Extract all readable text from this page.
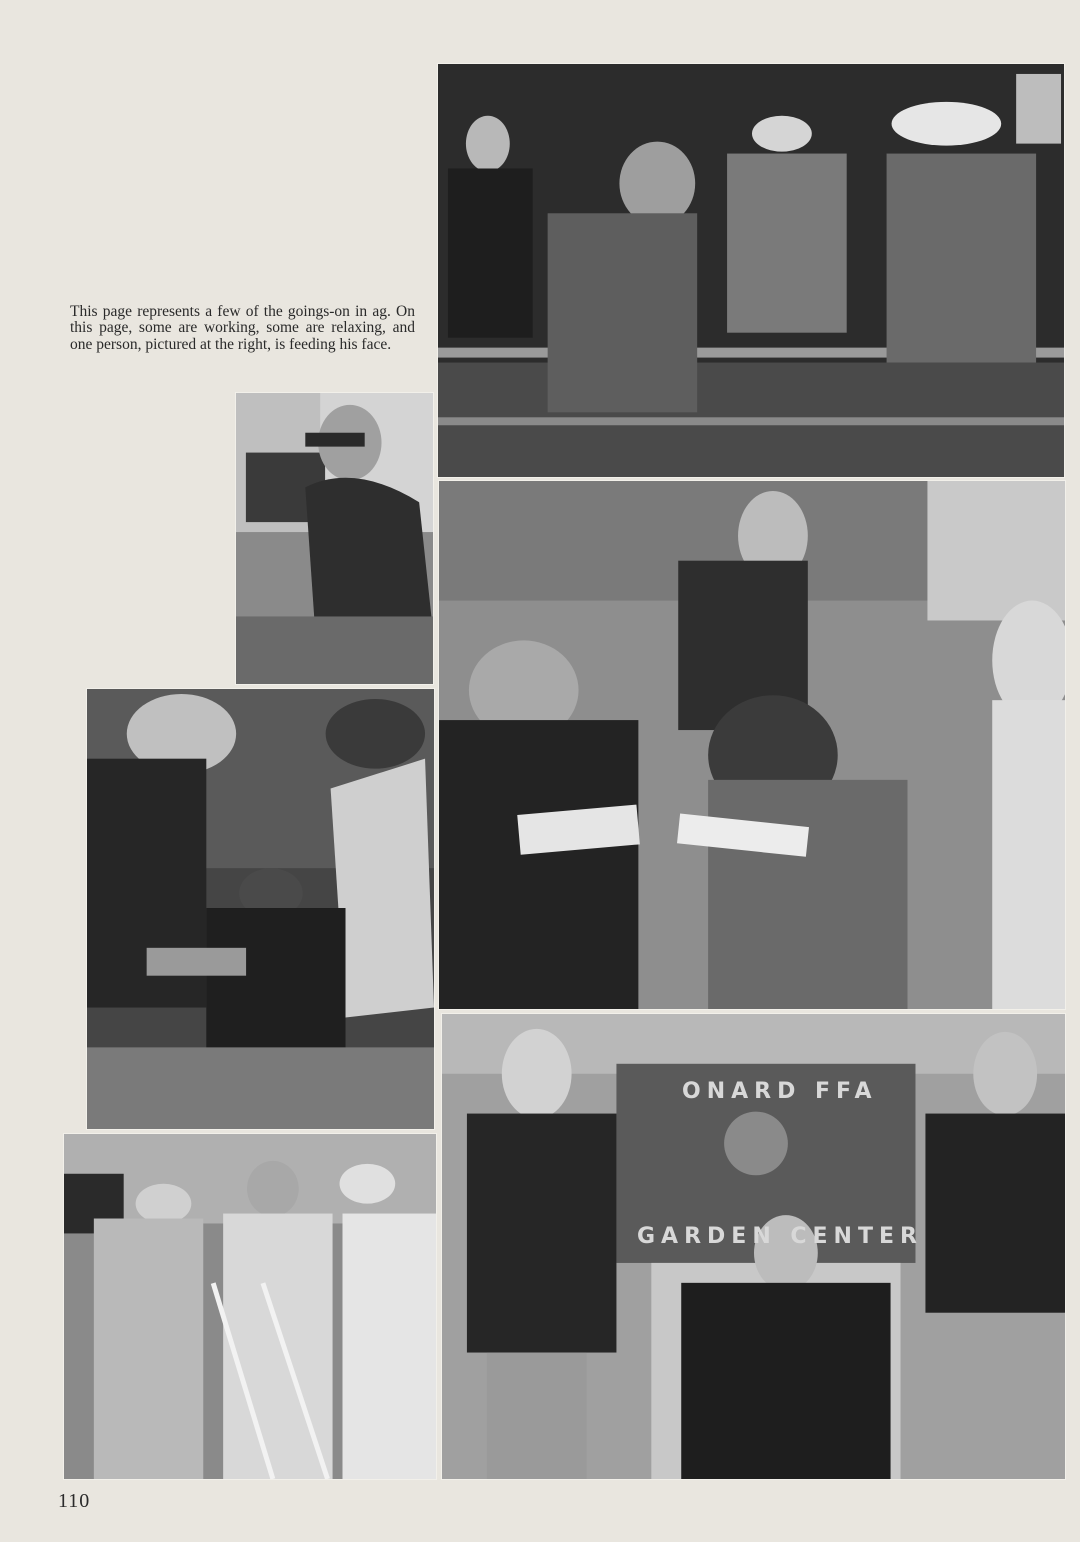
This page represents a few of the goings-on in ag. On this page, some are working, some are relaxing, and one person, pictured at the right, is feeding his face.

ONARD FFA
GARDEN CENTER
110
